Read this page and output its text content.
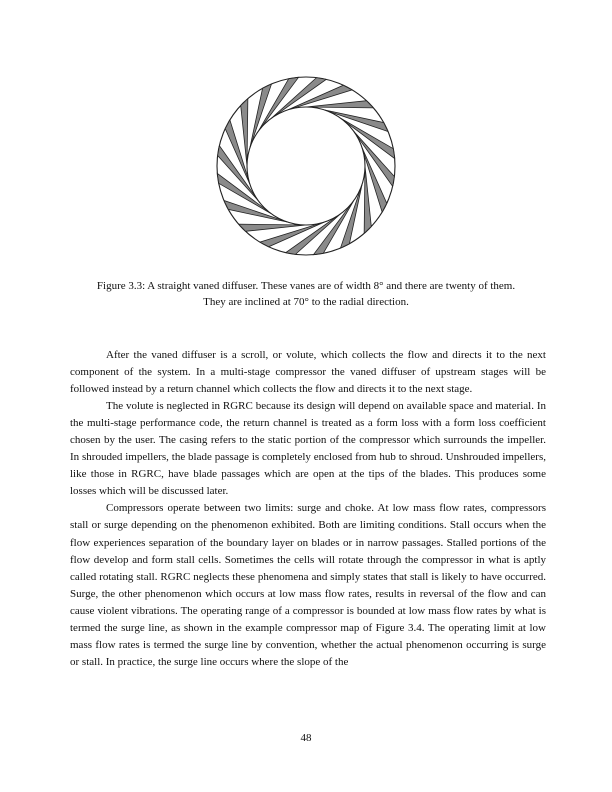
Figure 3.3: A straight vaned diffuser. These vanes are of width 8° and there are twenty of them.
They are inclined at 70° to the radial direction.

After the vaned diffuser is a scroll, or volute, which collects the flow and directs it to the next component of the system. In a multi-stage compressor the vaned diffuser of upstream stages will be followed instead by a return channel which collects the flow and directs it to the next stage.

The volute is neglected in RGRC because its design will depend on available space and material. In the multi-stage performance code, the return channel is treated as a form loss with a form loss coefficient chosen by the user. The casing refers to the static portion of the compressor which surrounds the impeller. In shrouded impellers, the blade passage is completely enclosed from hub to shroud. Unshrouded impellers, like those in RGRC, have blade passages which are open at the tips of the blades. This produces some losses which will be discussed later.

Compressors operate between two limits: surge and choke. At low mass flow rates, compressors stall or surge depending on the phenomenon exhibited. Both are limiting conditions. Stall occurs when the flow experiences separation of the boundary layer on blades or in narrow passages. Stalled portions of the flow develop and form stall cells. Sometimes the cells will rotate through the compressor in what is aptly called rotating stall. RGRC neglects these phenomena and simply states that stall is likely to have occurred. Surge, the other phenomenon which occurs at low mass flow rates, results in reversal of the flow and can cause violent vibrations. The operating range of a compressor is bounded at low mass flow rates by what is termed the surge line, as shown in the example compressor map of Figure 3.4. The operating limit at low mass flow rates is termed the surge line by convention, whether the actual phenomenon occurring is surge or stall. In practice, the surge line occurs where the slope of the

48
